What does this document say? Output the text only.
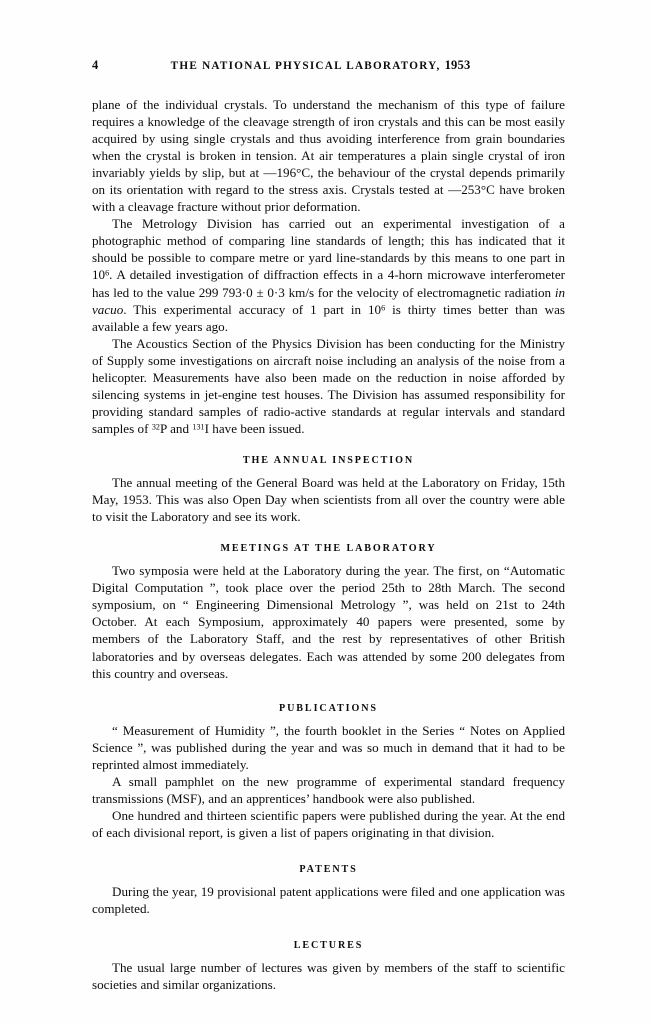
4	THE NATIONAL PHYSICAL LABORATORY, 1953

plane of the individual crystals. To understand the mechanism of this type of failure requires a knowledge of the cleavage strength of iron crystals and this can be most easily acquired by using single crystals and thus avoiding interference from grain boundaries when the crystal is broken in tension. At air temperatures a plain single crystal of iron invariably yields by slip, but at —196°C, the behaviour of the crystal depends primarily on its orientation with regard to the stress axis. Crystals tested at —253°C have broken with a cleavage fracture without prior deformation.

The Metrology Division has carried out an experimental investigation of a photographic method of comparing line standards of length; this has indicated that it should be possible to compare metre or yard line-standards by this means to one part in $10^6$. A detailed investigation of diffraction effects in a 4-horn microwave interferometer has led to the value 299 793·0 ± 0·3 km/s for the velocity of electromagnetic radiation in vacuo. This experimental accuracy of 1 part in $10^6$ is thirty times better than was available a few years ago.

The Acoustics Section of the Physics Division has been conducting for the Ministry of Supply some investigations on aircraft noise including an analysis of the noise from a helicopter. Measurements have also been made on the reduction in noise afforded by silencing systems in jet-engine test houses. The Division has assumed responsibility for providing standard samples of radio-active standards at regular intervals and standard samples of $^{32}$P and $^{131}$I have been issued.

THE ANNUAL INSPECTION

The annual meeting of the General Board was held at the Laboratory on Friday, 15th May, 1953. This was also Open Day when scientists from all over the country were able to visit the Laboratory and see its work.

MEETINGS AT THE LABORATORY

Two symposia were held at the Laboratory during the year. The first, on “Automatic Digital Computation ”, took place over the period 25th to 28th March. The second symposium, on “ Engineering Dimensional Metrology ”, was held on 21st to 24th October. At each Symposium, approximately 40 papers were presented, some by members of the Laboratory Staff, and the rest by representatives of other British laboratories and by overseas delegates. Each was attended by some 200 delegates from this country and overseas.

PUBLICATIONS

“ Measurement of Humidity ”, the fourth booklet in the Series “ Notes on Applied Science ”, was published during the year and was so much in demand that it had to be reprinted almost immediately.

A small pamphlet on the new programme of experimental standard frequency transmissions (MSF), and an apprentices’ handbook were also published.

One hundred and thirteen scientific papers were published during the year. At the end of each divisional report, is given a list of papers originating in that division.

PATENTS

During the year, 19 provisional patent applications were filed and one application was completed.

LECTURES

The usual large number of lectures was given by members of the staff to scientific societies and similar organizations.
